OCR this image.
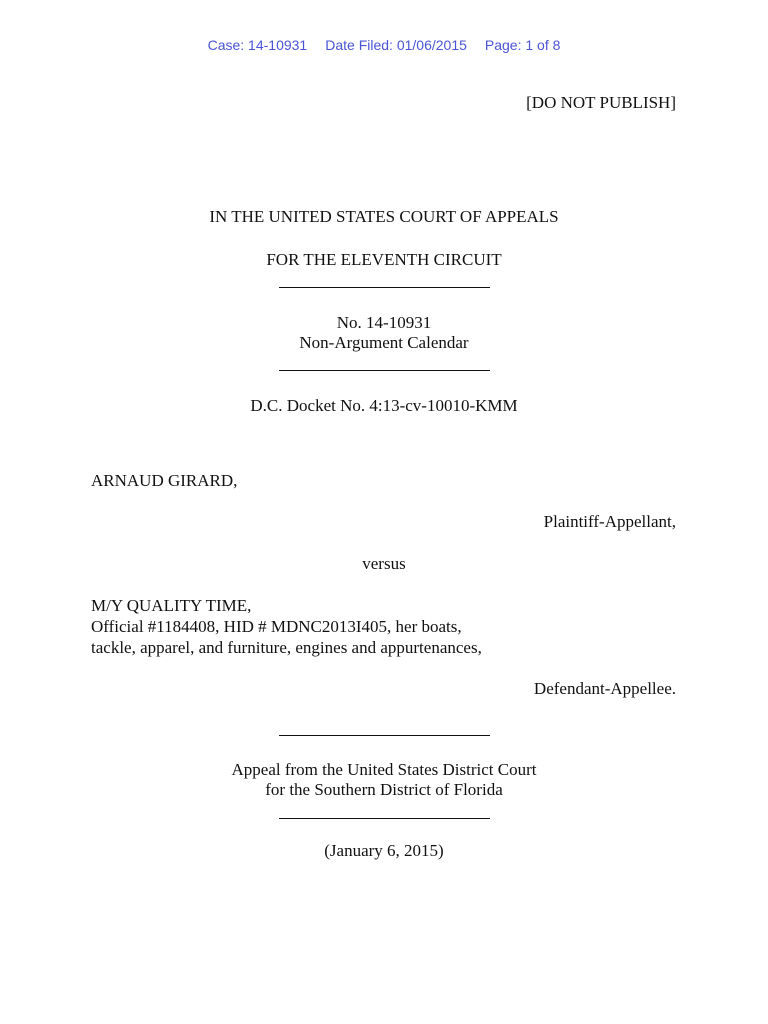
Case: 14-10931 Date Filed: 01/06/2015 Page: 1 of 8
[DO NOT PUBLISH]
IN THE UNITED STATES COURT OF APPEALS
FOR THE ELEVENTH CIRCUIT
No. 14-10931
Non-Argument Calendar
D.C. Docket No. 4:13-cv-10010-KMM
ARNAUD GIRARD,
Plaintiff-Appellant,
versus
M/Y QUALITY TIME,
Official #1184408, HID # MDNC2013I405, her boats,
tackle, apparel, and furniture, engines and appurtenances,
Defendant-Appellee.
Appeal from the United States District Court
for the Southern District of Florida
(January 6, 2015)
